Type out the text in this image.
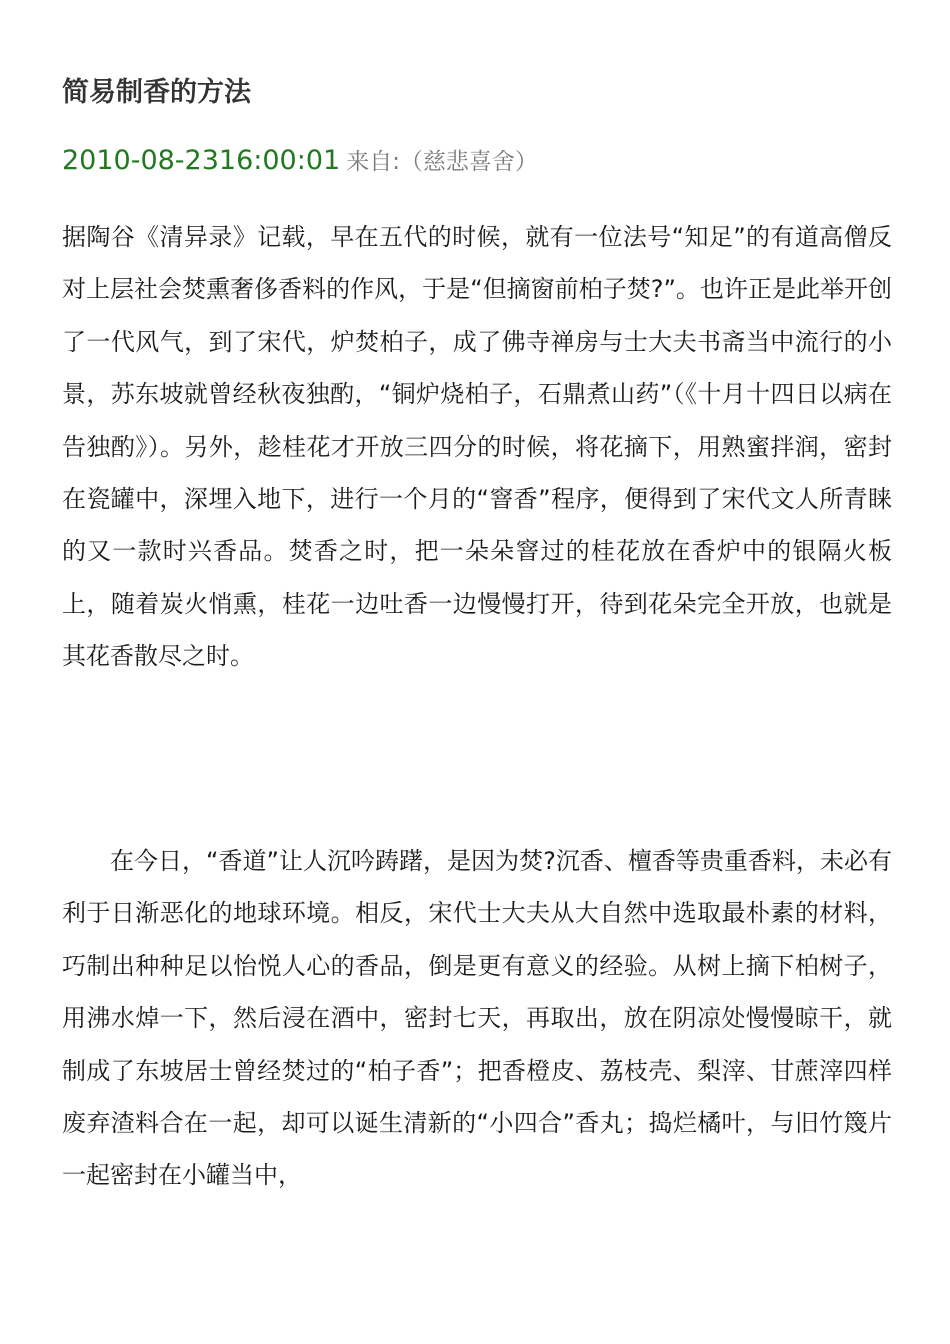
简易制香的方法
2010-08-2316:00:01 来自:（慈悲喜舍）
据陶谷《清异录》记载，早在五代的时候，就有一位法号“知足”的有道高僧反对上层社会焚熏奢侈香料的作风，于是“但摘窗前柏子焚?”。也许正是此举开创了一代风气，到了宋代，炉焚柏子，成了佛寺禅房与士大夫书斋当中流行的小景，苏东坡就曾经秋夜独酌，“铜炉烧柏子，石鼎煮山药”（《十月十四日以病在告独酌》）。另外，趁桂花才开放三四分的时候，将花摘下，用熟蜜拌润，密封在瓷罐中，深埋入地下，进行一个月的“窨香”程序，便得到了宋代文人所青睐的又一款时兴香品。焚香之时，把一朵朵窨过的桂花放在香炉中的银隔火板上，随着炭火悄熏，桂花一边吐香一边慢慢打开，待到花朵完全开放，也就是其花香散尽之时。
在今日，“香道”让人沉吟踌躇，是因为焚?沉香、檀香等贵重香料，未必有利于日渐恶化的地球环境。相反，宋代士大夫从大自然中选取最朴素的材料，巧制出种种足以怡悦人心的香品，倒是更有意义的经验。从树上摘下柏树子，用沸水焯一下，然后浸在酒中，密封七天，再取出，放在阴凉处慢慢晾干，就制成了东坡居士曾经焚过的“柏子香”；把香橙皮、荔枝壳、梨滓、甘蔗滓四样废弃渣料合在一起，却可以诞生清新的“小四合”香丸；捣烂橘叶，与旧竹篾片一起密封在小罐当中，
